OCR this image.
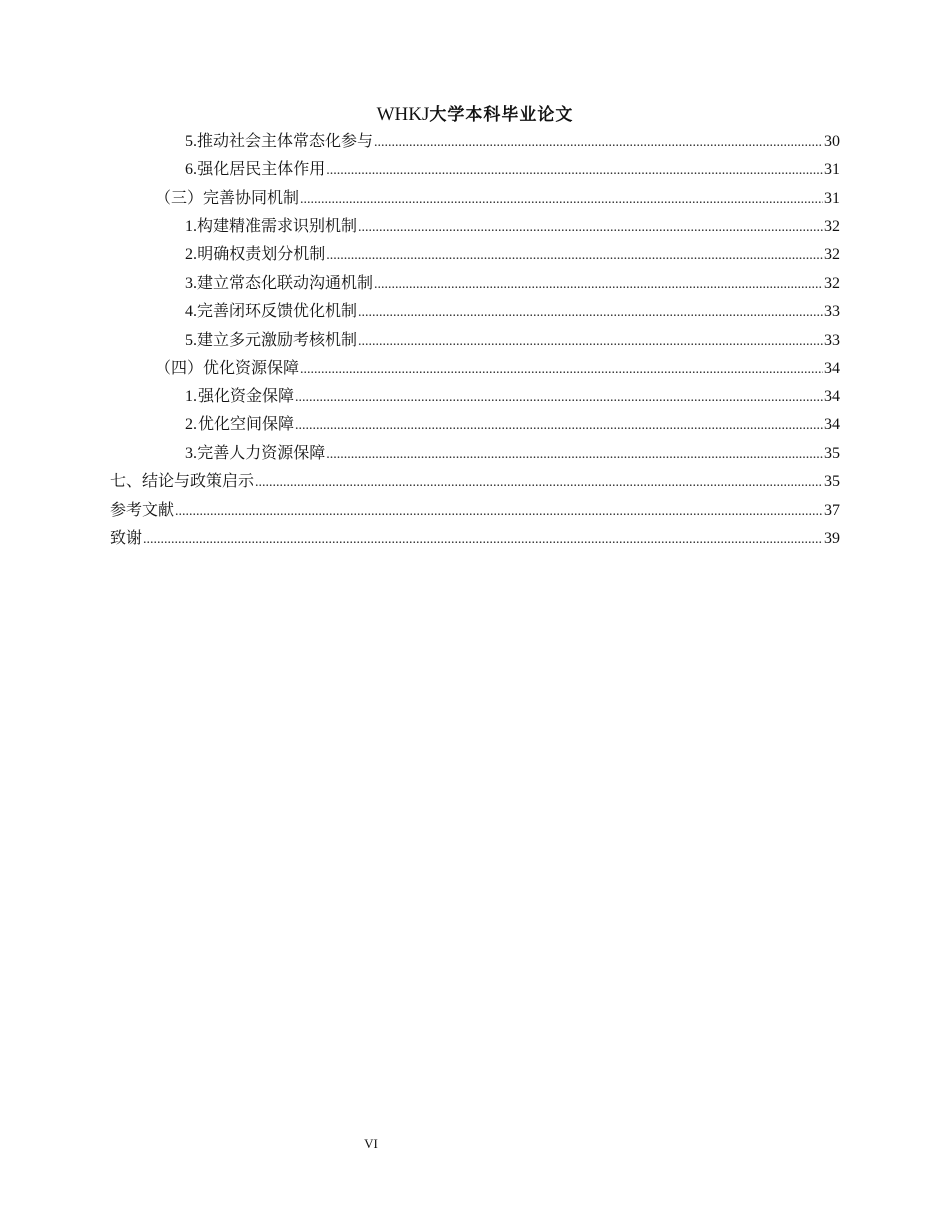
WHKJ大学本科毕业论文
5. 推动社会主体常态化参与 .....	30
6. 强化居民主体作用 .....	31
（三） 完善协同机制 .....	31
1. 构建精准需求识别机制 .....	32
2. 明确权责划分机制 .....	32
3. 建立常态化联动沟通机制 .....	32
4. 完善闭环反馈优化机制 .....	33
5. 建立多元激励考核机制 .....	33
（四） 优化资源保障 .....	34
1. 强化资金保障 .....	34
2. 优化空间保障 .....	34
3. 完善人力资源保障 .....	35
七、 结论与政策启示 .....	35
参考文献 .....	37
致谢 .....	39
VI
